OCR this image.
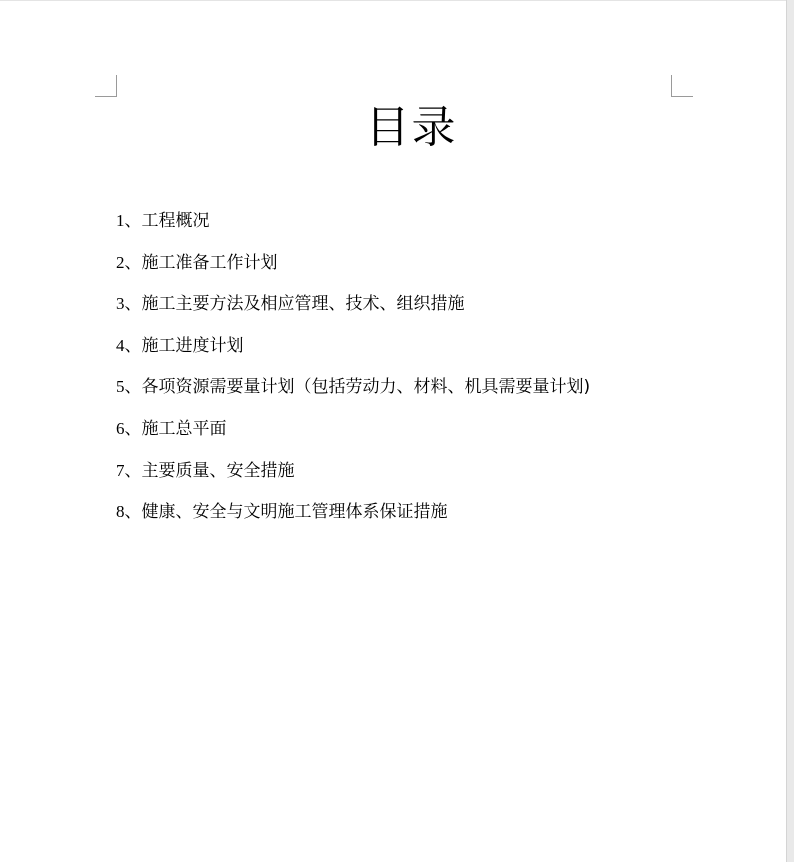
目录
1、工程概况
2、施工准备工作计划
3、施工主要方法及相应管理、技术、组织措施
4、施工进度计划
5、各项资源需要量计划（包括劳动力、材料、机具需要量计划)
6、施工总平面
7、主要质量、安全措施
8、健康、安全与文明施工管理体系保证措施
